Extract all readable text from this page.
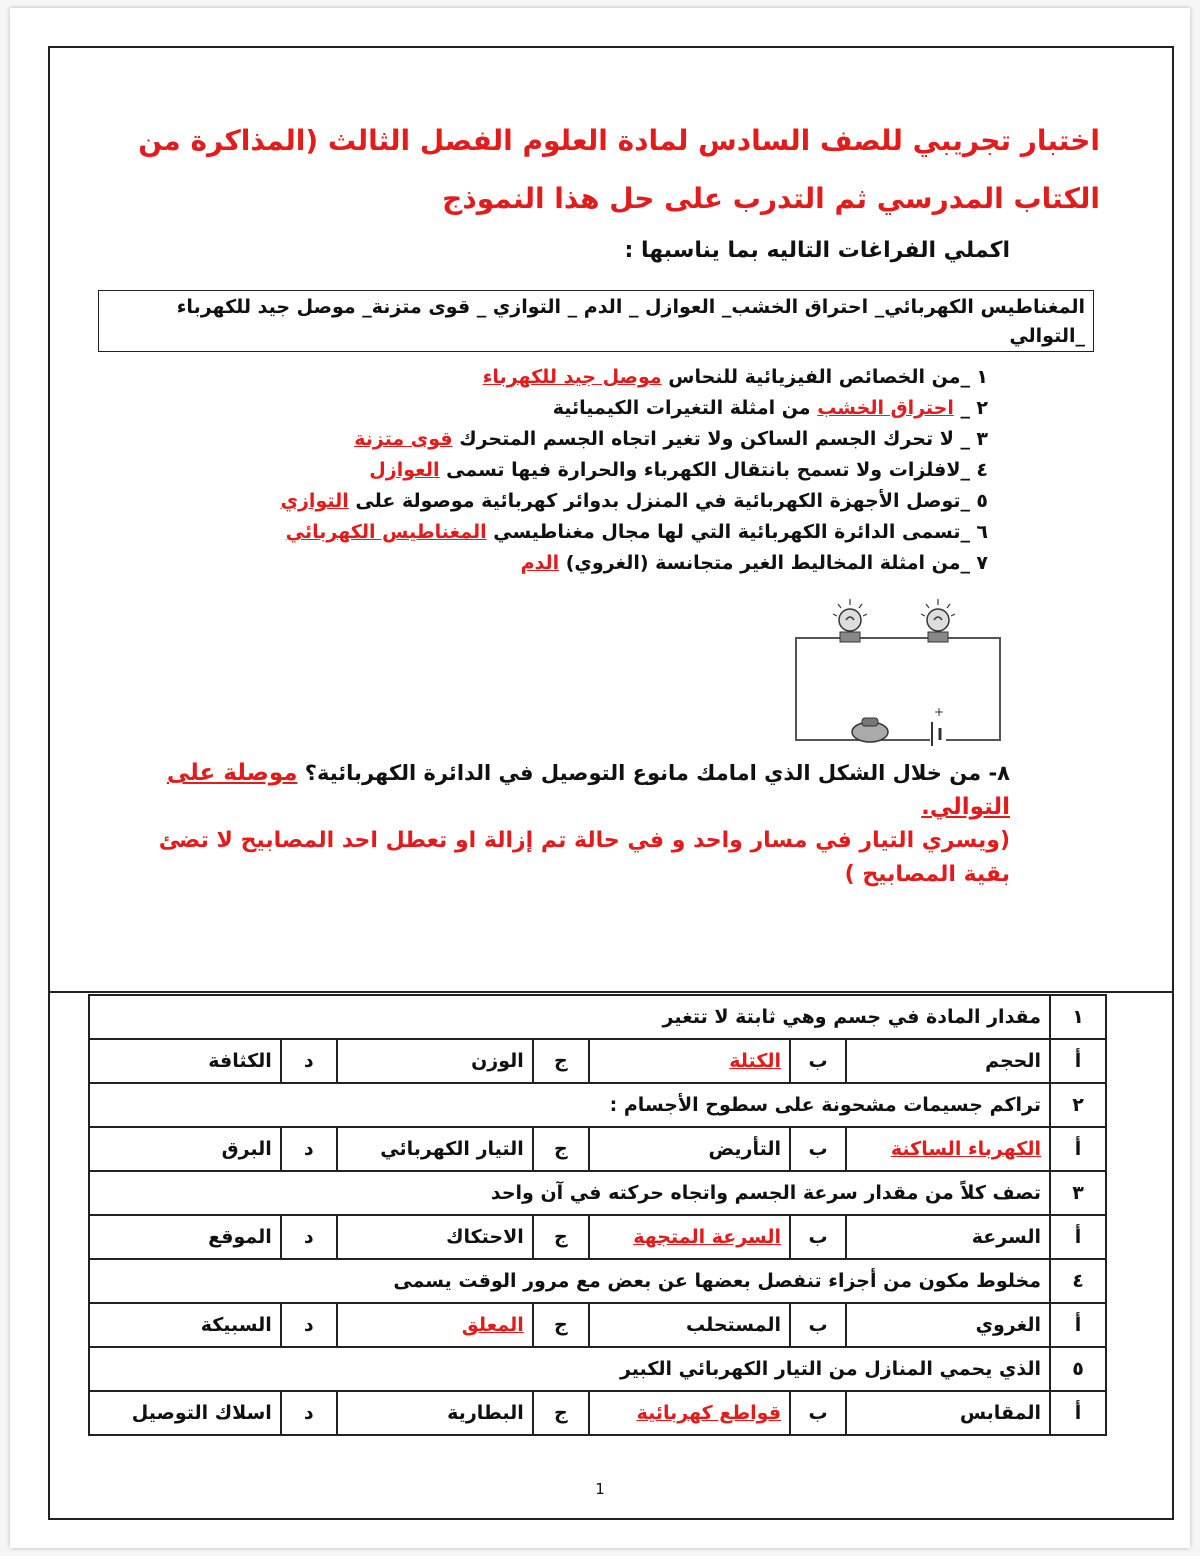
اختبار تجريبي للصف السادس لمادة العلوم الفصل الثالث (المذاكرة من الكتاب المدرسي ثم التدرب على حل هذا النموذج
اكملي الفراغات التاليه بما يناسبها :
المغناطيس الكهربائي_ احتراق الخشب_ العوازل _ الدم _ التوازي _ قوى متزنة_ موصل جيد للكهرباء _التوالي
١_من الخصائص الفيزيائية للنحاس موصل جيد للكهرباء
٢_ احتراق الخشب من امثلة التغيرات الكيميائية
٣_ لا تحرك الجسم الساكن ولا تغير اتجاه الجسم المتحرك قوى متزنة
٤_لافلزات ولا تسمح بانتقال الكهرباء والحرارة فيها تسمى العوازل
٥_توصل الأجهزة الكهربائية في المنزل بدوائر كهربائية موصولة على التوازي
٦_تسمى الدائرة الكهربائية التي لها مجال مغناطيسي المغناطيس الكهربائي
٧_من امثلة المخاليط الغير متجانسة (الغروي) الدم
+
٨- من خلال الشكل الذي امامك مانوع التوصيل في الدائرة الكهربائية؟ موصلة على التوالي.
(ويسري التيار في مسار واحد و في حالة تم إزالة او تعطل احد المصابيح لا تضئ بقية المصابيح )
١	مقدار المادة في جسم وهي ثابتة لا تتغير						
أ	الحجم	ب	الكتلة	ج	الوزن	د	الكثافة
٢	تراكم جسيمات مشحونة على سطوح الأجسام :						
أ	الكهرباء الساكنة	ب	التأريض	ج	التيار الكهربائي	د	البرق
٣	تصف كلاً من مقدار سرعة الجسم واتجاه حركته في آن واحد						
أ	السرعة	ب	السرعة المتجهة	ج	الاحتكاك	د	الموقع
٤	مخلوط مكون من أجزاء تنفصل بعضها عن بعض مع مرور الوقت يسمى						
أ	الغروي	ب	المستحلب	ج	المعلق	د	السبيكة
٥	الذي يحمي المنازل من التيار الكهربائي الكبير						
أ	المقابس	ب	قواطع كهربائية	ج	البطارية	د	اسلاك التوصيل
1
